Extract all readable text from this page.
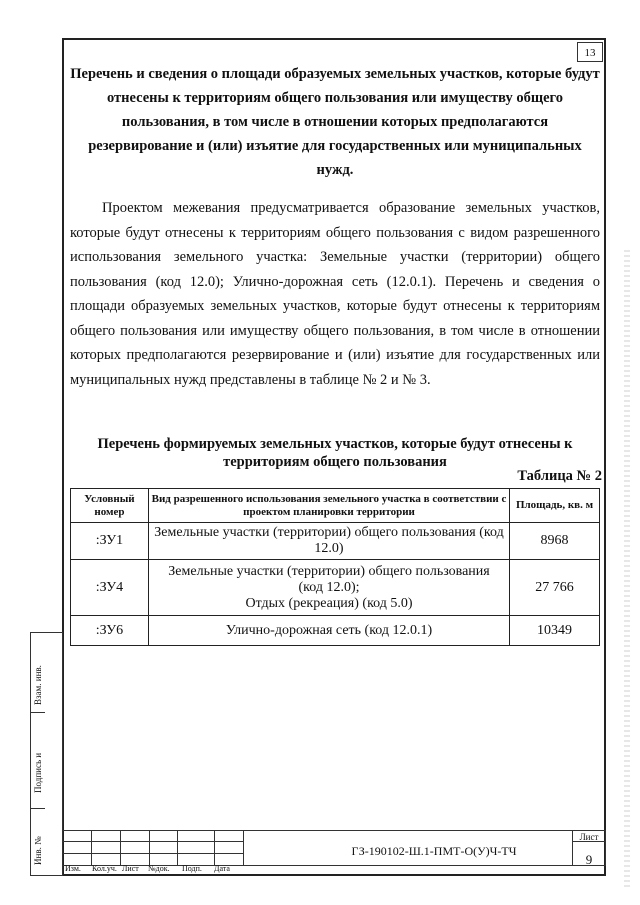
13
Перечень и сведения о площади образуемых земельных участков, которые будут отнесены к территориям общего пользования или имуществу общего пользования, в том числе в отношении которых предполагаются резервирование и (или) изъятие для государственных или муниципальных нужд.
Проектом межевания предусматривается образование земельных участков, которые будут отнесены к территориям общего пользования с видом разрешенного использования земельного участка: Земельные участки (территории) общего пользования (код 12.0); Улично-дорожная сеть (12.0.1). Перечень и сведения о площади образуемых земельных участков, которые будут отнесены к территориям общего пользования или имуществу общего пользования, в том числе в отношении которых предполагаются резервирование и (или) изъятие для государственных или муниципальных нужд представлены в таблице № 2 и № 3.
Перечень формируемых земельных участков, которые будут отнесены к территориям общего пользования
Таблица № 2
Условный номер	Вид разрешенного использования земельного участка в соответствии с проектом планировки территории	Площадь, кв. м
:ЗУ1	Земельные участки (территории) общего пользования (код 12.0)	8968
:ЗУ4	Земельные участки (территории) общего пользования
(код 12.0);
Отдых (рекреация) (код 5.0)	27 766
:ЗУ6	Улично-дорожная сеть (код 12.0.1)	10349
Взам. инв.
Подпись и
Инв. №

						ГЗ-190102-Ш.1-ПМТ-О(У)Ч-ТЧ
Лист
9
Изм. Кол.уч. Лист №док. Подп. Дата
